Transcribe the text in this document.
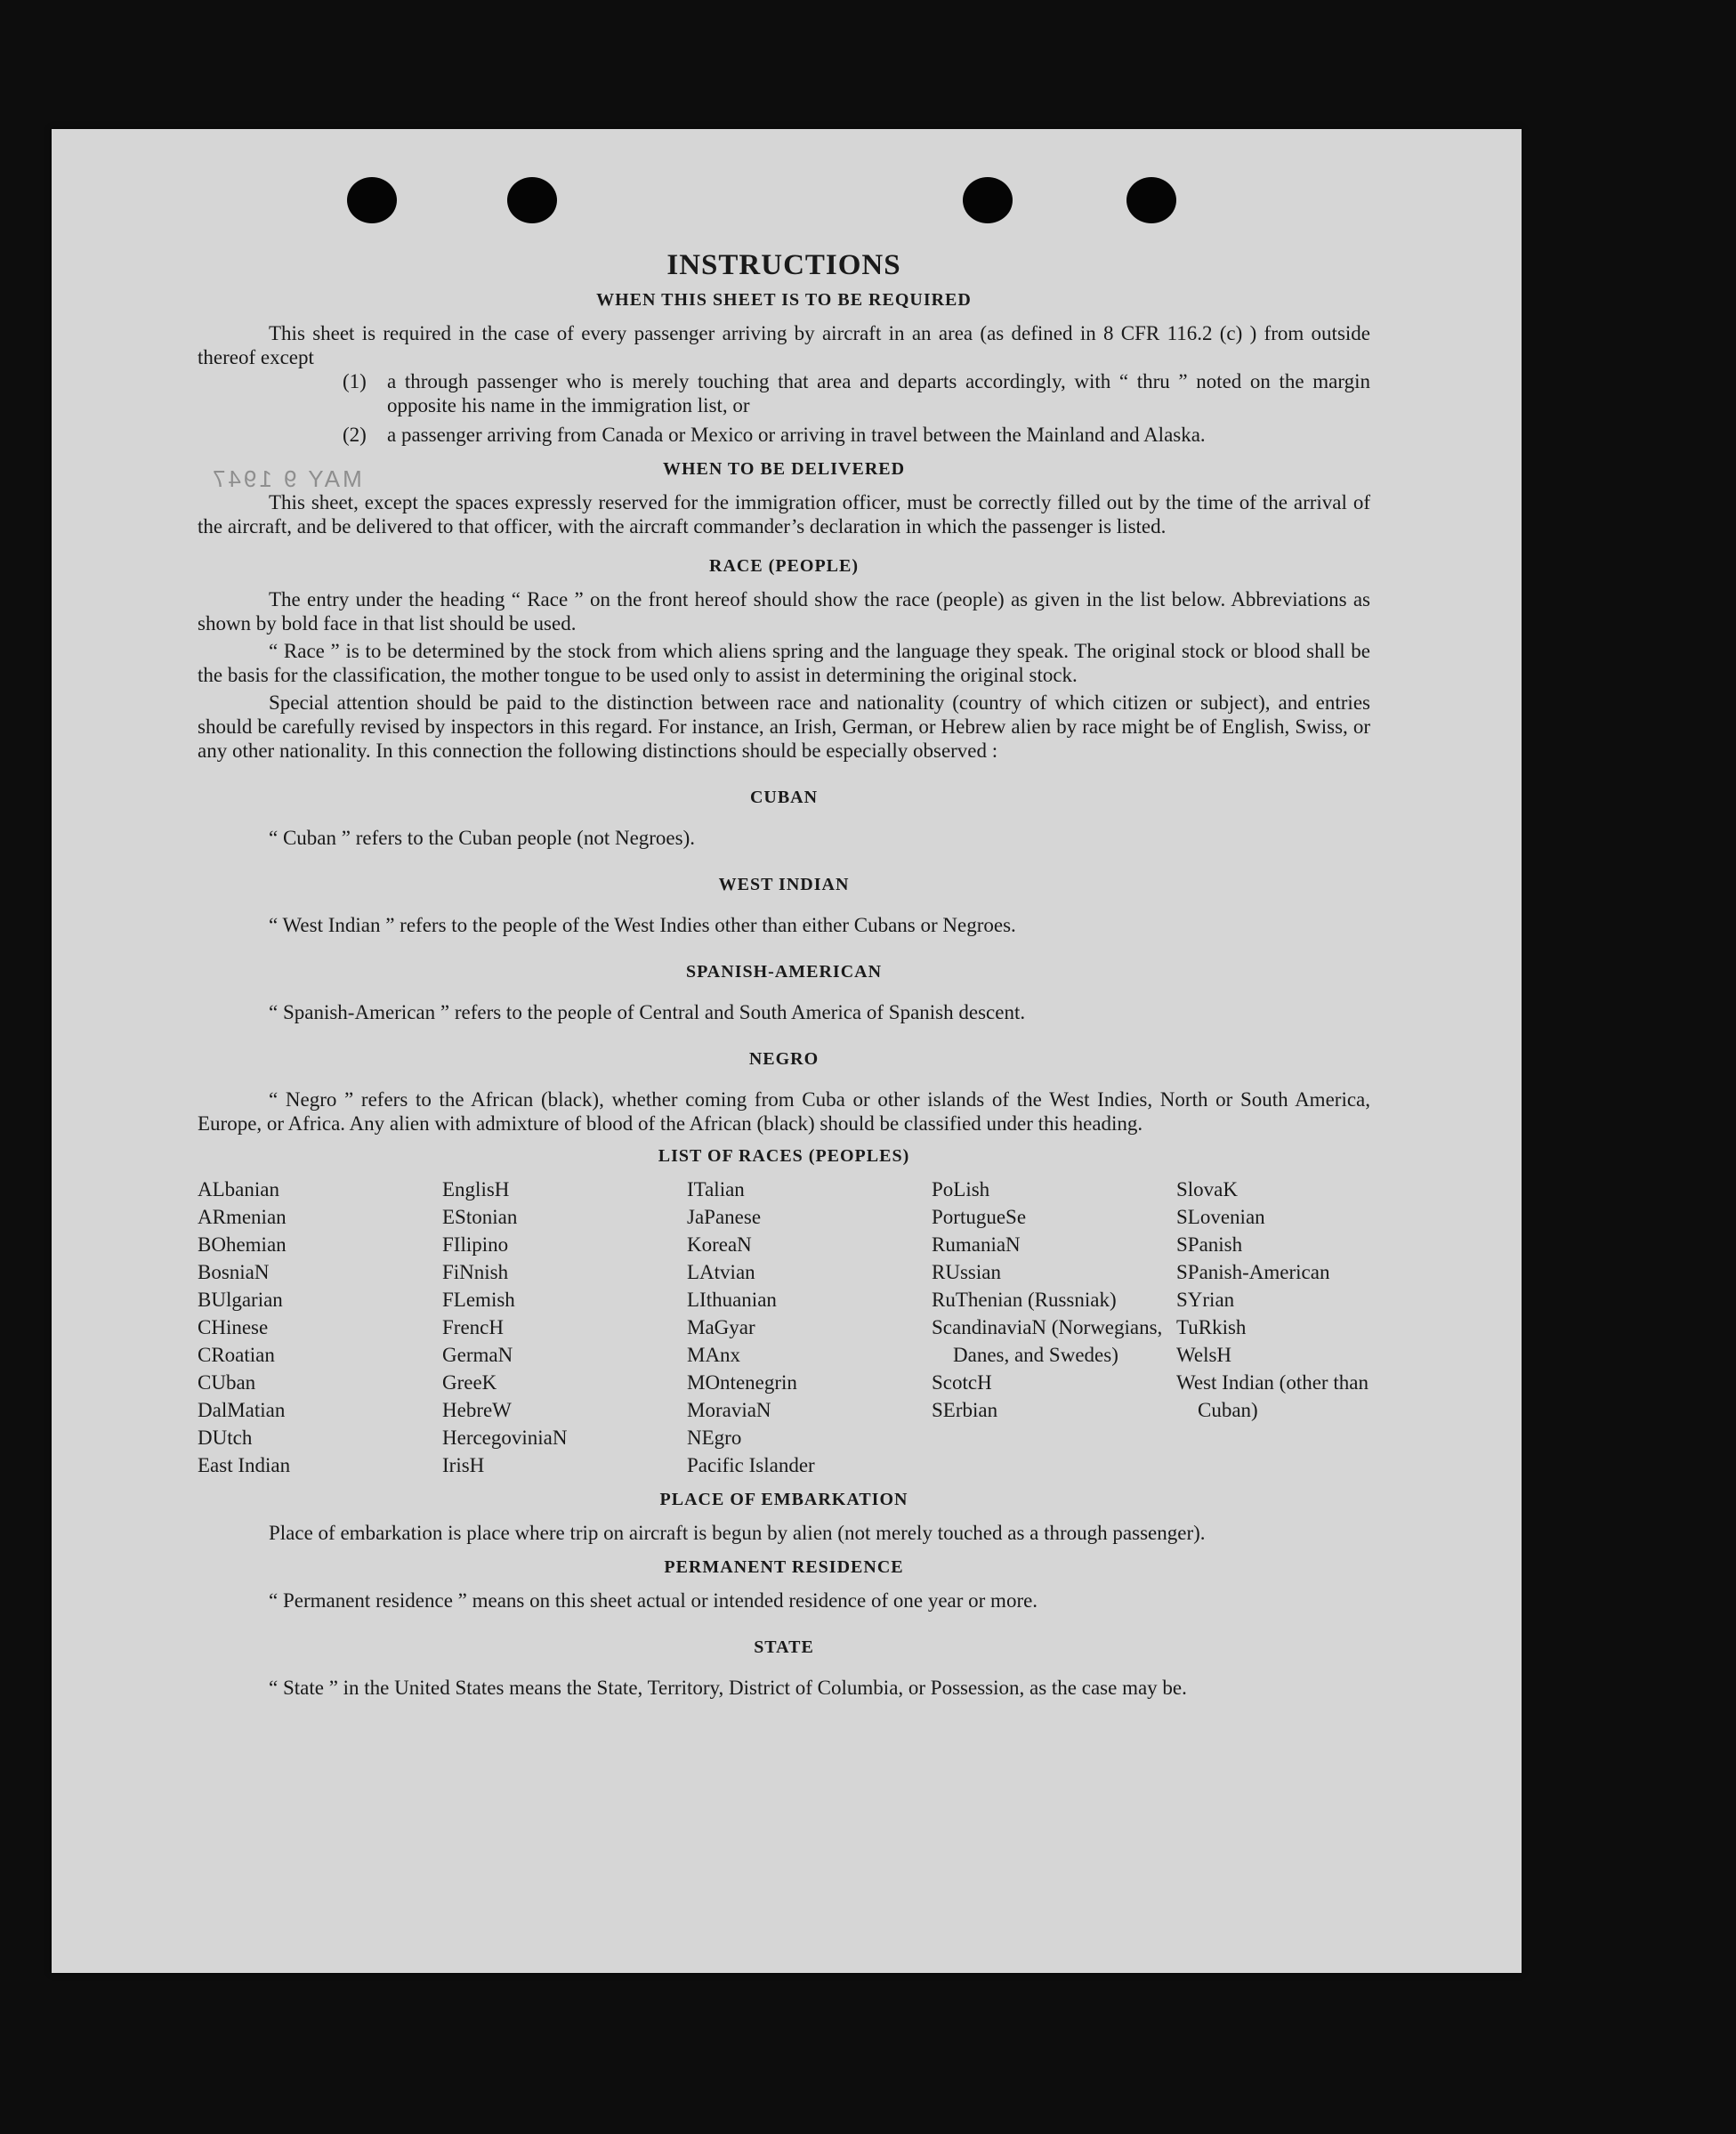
MAY 9 1947
INSTRUCTIONS
WHEN THIS SHEET IS TO BE REQUIRED

This sheet is required in the case of every passenger arriving by aircraft in an area (as defined in 8 CFR 116.2 (c) ) from outside thereof except

(1) a through passenger who is merely touching that area and departs accordingly, with “ thru ” noted on the margin opposite his name in the immigration list, or
(2) a passenger arriving from Canada or Mexico or arriving in travel between the Mainland and Alaska.
WHEN TO BE DELIVERED

This sheet, except the spaces expressly reserved for the immigration officer, must be correctly filled out by the time of the arrival of the aircraft, and be delivered to that officer, with the aircraft commander’s declaration in which the passenger is listed.

RACE (PEOPLE)

The entry under the heading “ Race ” on the front hereof should show the race (people) as given in the list below. Abbreviations as shown by bold face in that list should be used.

“ Race ” is to be determined by the stock from which aliens spring and the language they speak. The original stock or blood shall be the basis for the classification, the mother tongue to be used only to assist in determining the original stock.

Special attention should be paid to the distinction between race and nationality (country of which citizen or subject), and entries should be carefully revised by inspectors in this regard. For instance, an Irish, German, or Hebrew alien by race might be of English, Swiss, or any other nationality. In this connection the following distinctions should be especially observed :

CUBAN

“ Cuban ” refers to the Cuban people (not Negroes).

WEST INDIAN

“ West Indian ” refers to the people of the West Indies other than either Cubans or Negroes.

SPANISH-AMERICAN

“ Spanish-American ” refers to the people of Central and South America of Spanish descent.

NEGRO

“ Negro ” refers to the African (black), whether coming from Cuba or other islands of the West Indies, North or South America, Europe, or Africa. Any alien with admixture of blood of the African (black) should be classified under this heading.

LIST OF RACES (PEOPLES)
ALbanian
ARmenian
BOhemian
BosniaN
BUlgarian
CHinese
CRoatian
CUban
DalMatian
DUtch
East Indian
EnglisH
EStonian
FIlipino
FiNnish
FLemish
FrencH
GermaN
GreeK
HebreW
HercegoviniaN
IrisH
ITalian
JaPanese
KoreaN
LAtvian
LIthuanian
MaGyar
MAnx
MOntenegrin
MoraviaN
NEgro
Pacific Islander
PoLish
PortugueSe
RumaniaN
RUssian
RuThenian (Russniak)
ScandinaviaN (Norwegians, Danes, and Swedes)
ScotcH
SErbian
SlovaK
SLovenian
SPanish
SPanish-American
SYrian
TuRkish
WelsH
West Indian (other than Cuban)
PLACE OF EMBARKATION

Place of embarkation is place where trip on aircraft is begun by alien (not merely touched as a through passenger).

PERMANENT RESIDENCE

“ Permanent residence ” means on this sheet actual or intended residence of one year or more.

STATE

“ State ” in the United States means the State, Territory, District of Columbia, or Possession, as the case may be.
